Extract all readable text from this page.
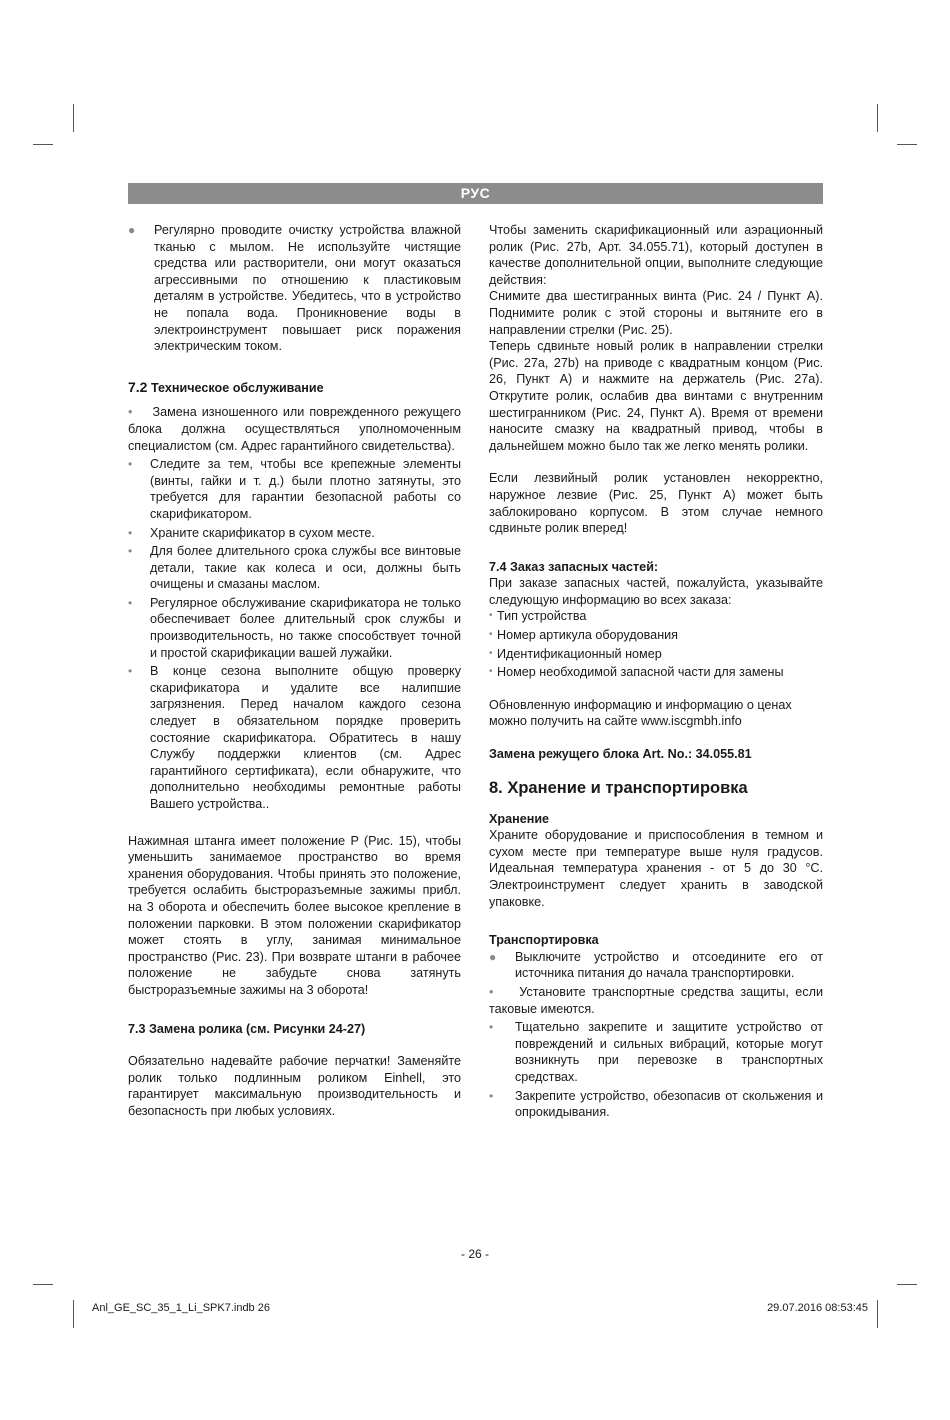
РУС
● Регулярно проводите очистку устройства влажной тканью с мылом. Не используйте чистящие средства или растворители, они могут оказаться агрессивными по отношению к пластиковым деталям в устройстве. Убедитесь, что в устройство не попала вода. Проникновение воды в электроинструмент повышает риск поражения электрическим током.
7.2 Техническое обслуживание
• Замена изношенного или поврежденного режущего блока должна осуществляться уполномоченным специалистом (см. Адрес гарантийного свидетельства).
• Следите за тем, чтобы все крепежные элементы (винты, гайки и т. д.) были плотно затянуты, это требуется для гарантии безопасной работы со скарификатором.
• Храните скарификатор в сухом месте.
• Для более длительного срока службы все винтовые детали, такие как колеса и оси, должны быть очищены и смазаны маслом.
• Регулярное обслуживание скарификатора не только обеспечивает более длительный срок службы и производительность, но также способствует точной и простой скарификации вашей лужайки.
• В конце сезона выполните общую проверку скарификатора и удалите все налипшие загрязнения. Перед началом каждого сезона следует в обязательном порядке проверить состояние скарификатора. Обратитесь в нашу Службу поддержки клиентов (см. Адрес гарантийного сертификата), если обнаружите, что дополнительно необходимы ремонтные работы Вашего устройства..

Нажимная штанга имеет положение P (Рис. 15), чтобы уменьшить занимаемое пространство во время хранения оборудования. Чтобы принять это положение, требуется ослабить быстроразъемные зажимы прибл. на 3 оборота и обеспечить более высокое крепление в положении парковки. В этом положении скарификатор может стоять в углу, занимая минимальное пространство (Рис. 23). При возврате штанги в рабочее положение не забудьте снова затянуть быстроразъемные зажимы на 3 оборота!

7.3 Замена ролика (см. Рисунки 24-27)

Обязательно надевайте рабочие перчатки! Заменяйте ролик только подлинным роликом Einhell, это гарантирует максимальную производительность и безопасность при любых условиях.

Чтобы заменить скарификационный или аэрационный ролик (Рис. 27b, Арт. 34.055.71), который доступен в качестве дополнительной опции, выполните следующие действия:

Снимите два шестигранных винта (Рис. 24 / Пункт A). Поднимите ролик с этой стороны и вытяните его в направлении стрелки (Рис. 25).

Теперь сдвиньте новый ролик в направлении стрелки (Рис. 27a, 27b) на приводе с квадратным концом (Рис. 26, Пункт A) и нажмите на держатель (Рис. 27a). Открутите ролик, ослабив два винтами с внутренним шестигранником (Рис. 24, Пункт A). Время от времени наносите смазку на квадратный привод, чтобы в дальнейшем можно было так же легко менять ролики.

Если лезвийный ролик установлен некорректно, наружное лезвие (Рис. 25, Пункт A) может быть заблокировано корпусом. В этом случае немного сдвиньте ролик вперед!

7.4 Заказ запасных частей:

При заказе запасных частей, пожалуйста, указывайте следующую информацию во всех заказа:

• Тип устройства
• Номер артикула оборудования
• Идентификационный номер
• Номер необходимой запасной части для замены

Обновленную информацию и информацию о ценах можно получить на сайте www.iscgmbh.info

Замена режущего блока Art. No.: 34.055.81

8. Хранение и транспортировка

Хранение

Храните оборудование и приспособления в темном и сухом месте при температуре выше нуля градусов. Идеальная температура хранения - от 5 до 30 °C. Электроинструмент следует хранить в заводской упаковке.

Транспортировка

● Выключите устройство и отсоедините его от источника питания до начала транспортировки.
• Установите транспортные средства защиты, если таковые имеются.
• Тщательно закрепите и защитите устройство от повреждений и сильных вибраций, которые могут возникнуть при перевозке в транспортных средствах.
• Закрепите устройство, обезопасив от скольжения и опрокидывания.
- 26 -
Anl_GE_SC_35_1_Li_SPK7.indb 26	29.07.2016 08:53:45
